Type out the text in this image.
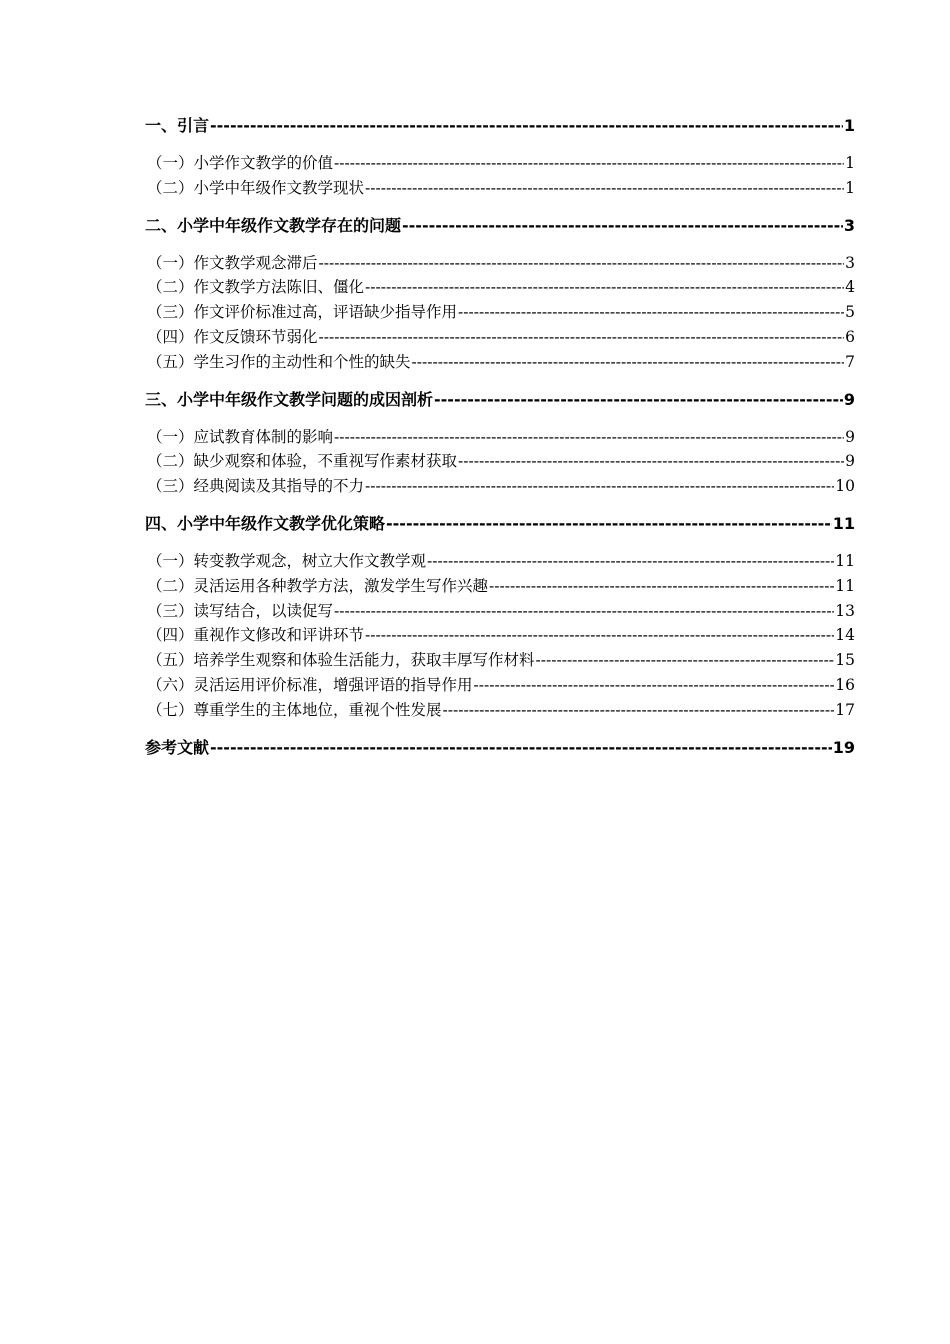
一、引言 -----	1
（一）小学作文教学的价值 -----	1
（二）小学中年级作文教学现状 -----	1
二、小学中年级作文教学存在的问题 -----	3
（一）作文教学观念滞后 -----	3
（二）作文教学方法陈旧、僵化 -----	4
（三）作文评价标准过高，评语缺少指导作用 -----	5
（四）作文反馈环节弱化 -----	6
（五）学生习作的主动性和个性的缺失 -----	7
三、小学中年级作文教学问题的成因剖析 -----	9
（一）应试教育体制的影响 -----	9
（二）缺少观察和体验，不重视写作素材获取 -----	9
（三）经典阅读及其指导的不力 -----	10
四、小学中年级作文教学优化策略 -----	11
（一）转变教学观念，树立大作文教学观 -----	11
（二）灵活运用各种教学方法，激发学生写作兴趣 -----	11
（三）读写结合，以读促写 -----	13
（四）重视作文修改和评讲环节 -----	14
（五）培养学生观察和体验生活能力，获取丰厚写作材料 -----	15
（六）灵活运用评价标准，增强评语的指导作用 -----	16
（七）尊重学生的主体地位，重视个性发展 -----	17
参考文献 -----	19
